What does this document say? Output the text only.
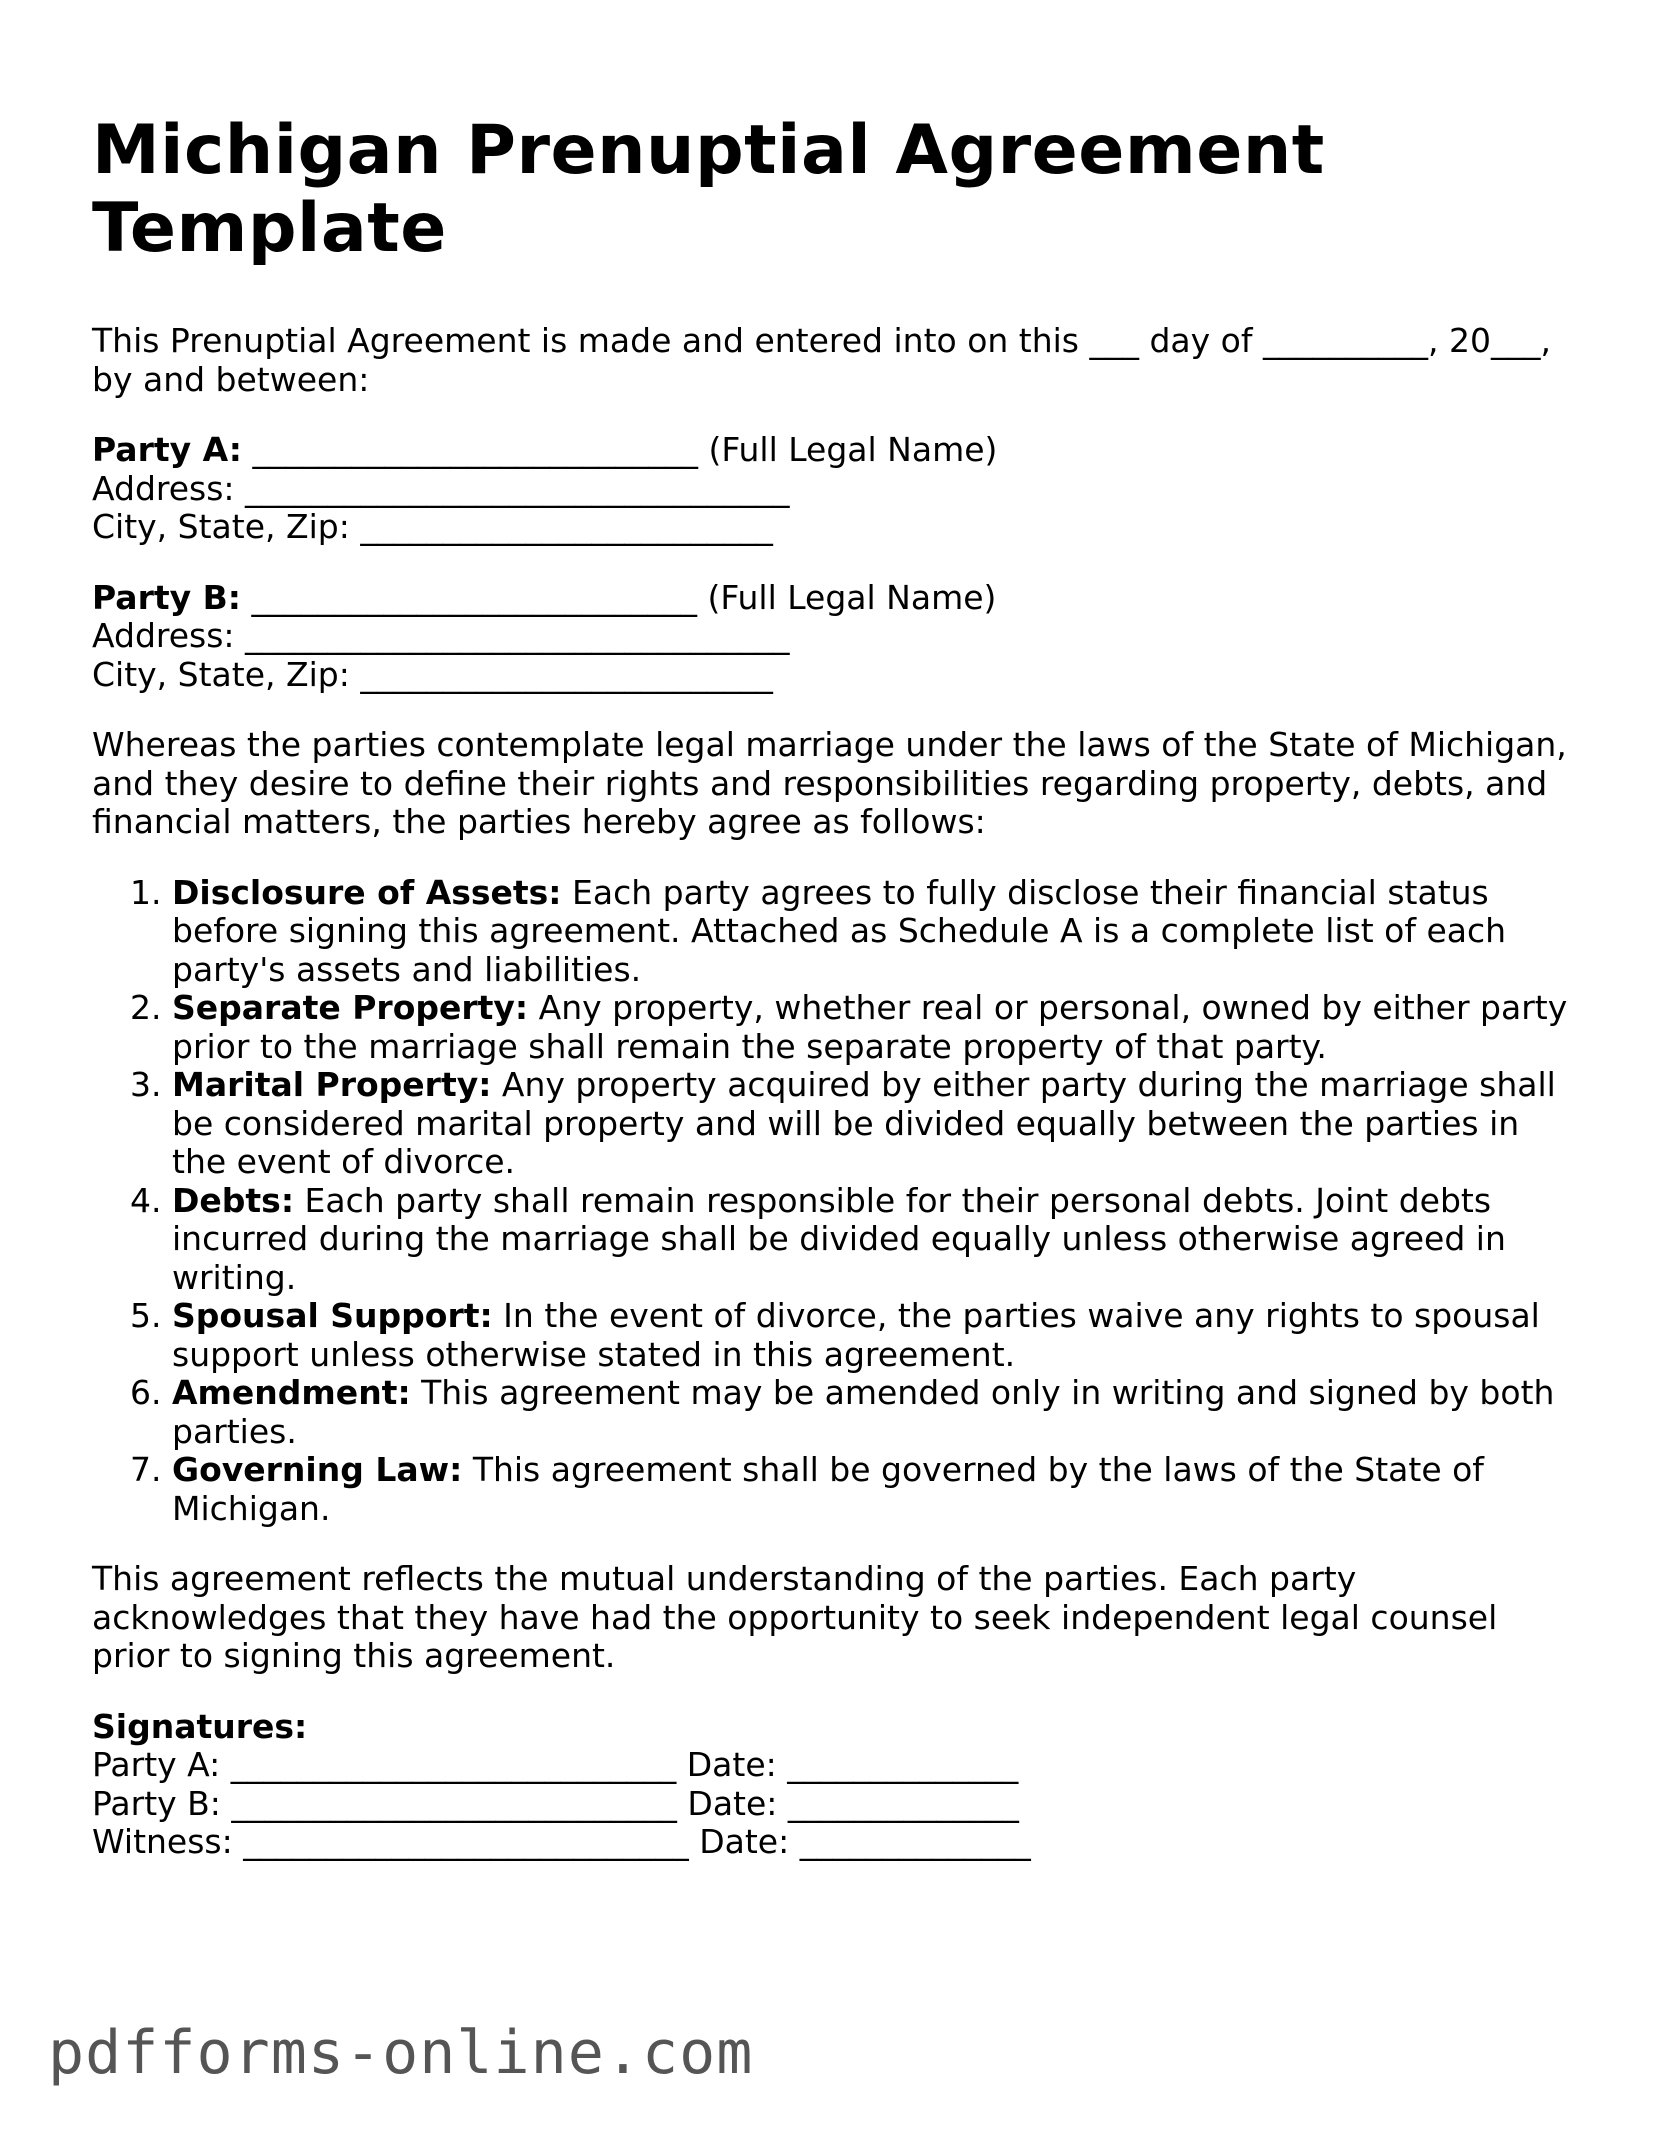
Michigan Prenuptial Agreement Template

This Prenuptial Agreement is made and entered into on this ___ day of __________, 20___, by and between:

Party A: ___________________________ (Full Legal Name)
Address: _________________________________
City, State, Zip: _________________________
Party B: ___________________________ (Full Legal Name)
Address: _________________________________
City, State, Zip: _________________________

Whereas the parties contemplate legal marriage under the laws of the State of Michigan, and they desire to define their rights and responsibilities regarding property, debts, and financial matters, the parties hereby agree as follows:

1. Disclosure of Assets: Each party agrees to fully disclose their financial status before signing this agreement. Attached as Schedule A is a complete list of each party's assets and liabilities.
2. Separate Property: Any property, whether real or personal, owned by either party prior to the marriage shall remain the separate property of that party.
3. Marital Property: Any property acquired by either party during the marriage shall be considered marital property and will be divided equally between the parties in the event of divorce.
4. Debts: Each party shall remain responsible for their personal debts. Joint debts incurred during the marriage shall be divided equally unless otherwise agreed in writing.
5. Spousal Support: In the event of divorce, the parties waive any rights to spousal support unless otherwise stated in this agreement.
6. Amendment: This agreement may be amended only in writing and signed by both parties.
7. Governing Law: This agreement shall be governed by the laws of the State of Michigan.

This agreement reflects the mutual understanding of the parties. Each party acknowledges that they have had the opportunity to seek independent legal counsel prior to signing this agreement.

Signatures:
Party A: ___________________________ Date: ______________
Party B: ___________________________ Date: ______________
Witness: ___________________________ Date: ______________
pdfforms-online.com
